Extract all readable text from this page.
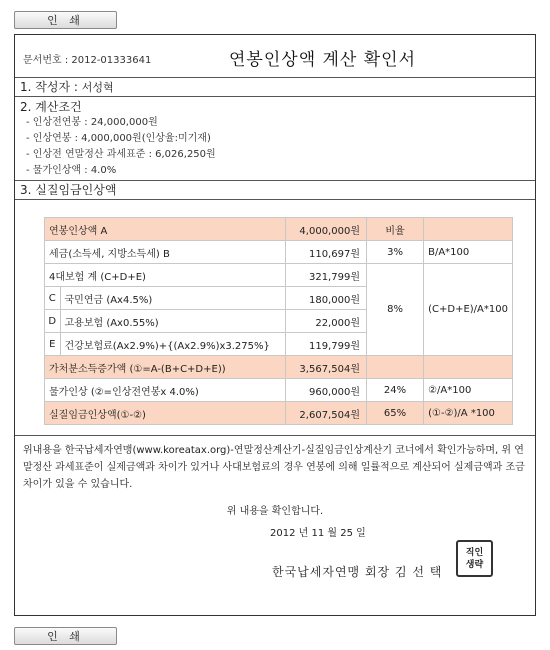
인 쇄
문서번호 : 2012-01333641	연봉인상액 계산 확인서
1. 작성자 : 서성혁
2. 계산조건
- 인상전연봉 : 24,000,000원
- 인상연봉 : 4,000,000원(인상율:미기재)
- 인상전 연말정산 과세표준 : 6,026,250원
- 물가인상액 : 4.0%
3. 실질임금인상액
연봉인상액 A		4,000,000원	비율	
세금(소득세, 지방소득세) B		110,697원	3%	B/A*100
4대보험 계 (C+D+E)		321,799원	8%	(C+D+E)/A*100
C	국민연금 (Ax4.5%)	180,000원		
D	고용보험 (Ax0.55%)	22,000원		
E	건강보험료(Ax2.9%)+{(Ax2.9%)x3.275%}	119,799원		
가처분소득증가액 (①=A-(B+C+D+E))		3,567,504원		
물가인상 (②=인상전연봉x 4.0%)		960,000원	24%	②/A*100
실질임금인상액(①-②)		2,607,504원	65%	(①-②)/A *100

위내용을 한국납세자연맹(www.koreatax.org)-연말정산계산기-실질임금인상계산기 코너에서 확인가능하며, 위 연말정산 과세표준이 실제금액과 차이가 있거나 사대보험료의 경우 연봉에 의해 일률적으로 계산되어 실제금액과 조금차이가 있을 수 있습니다.

위 내용을 확인합니다.

2012 년 11 월 25 일
한국납세자연맹 회장 김 선 택
직인
생략
인 쇄
